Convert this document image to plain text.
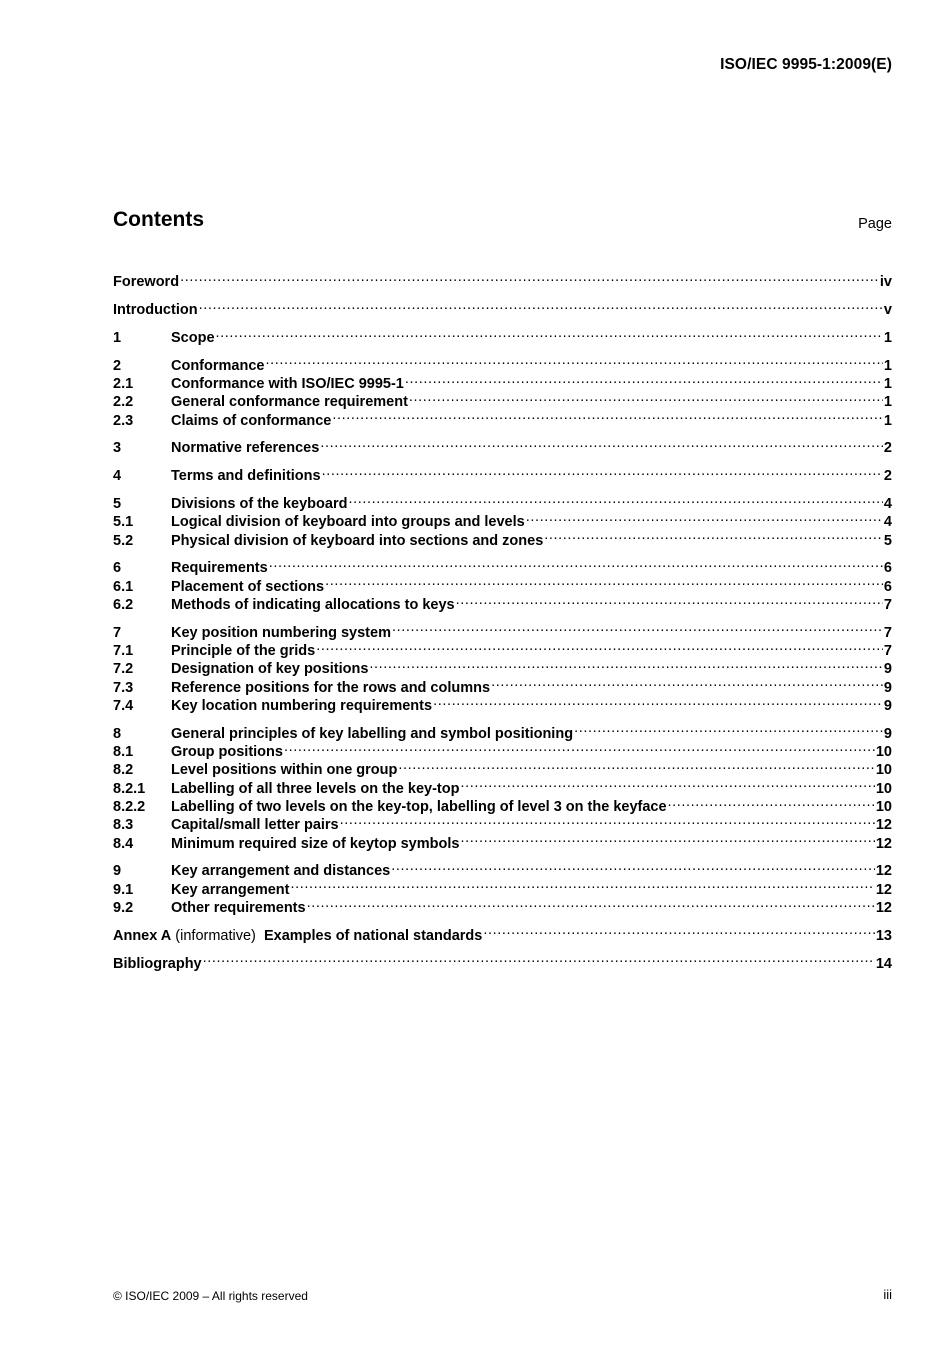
ISO/IEC 9995-1:2009(E)
Contents	Page
Foreword .....	iv
Introduction .....	v
1	Scope .....	1
2	Conformance .....	1
2.1	Conformance with ISO/IEC 9995-1 .....	1
2.2	General conformance requirement .....	1
2.3	Claims of conformance .....	1
3	Normative references .....	2
4	Terms and definitions .....	2
5	Divisions of the keyboard .....	4
5.1	Logical division of keyboard into groups and levels .....	4
5.2	Physical division of keyboard into sections and zones .....	5
6	Requirements .....	6
6.1	Placement of sections .....	6
6.2	Methods of indicating allocations to keys .....	7
7	Key position numbering system .....	7
7.1	Principle of the grids .....	7
7.2	Designation of key positions .....	9
7.3	Reference positions for the rows and columns .....	9
7.4	Key location numbering requirements .....	9
8	General principles of key labelling and symbol positioning .....	9
8.1	Group positions .....	10
8.2	Level positions within one group .....	10
8.2.1	Labelling of all three levels on the key-top .....	10
8.2.2	Labelling of two levels on the key-top, labelling of level 3 on the keyface .....	10
8.3	Capital/small letter pairs .....	12
8.4	Minimum required size of keytop symbols .....	12
9	Key arrangement and distances .....	12
9.1	Key arrangement .....	12
9.2	Other requirements .....	12
Annex A (informative)  Examples of national standards .....	13
Bibliography .....	14
© ISO/IEC 2009 – All rights reserved	iii
